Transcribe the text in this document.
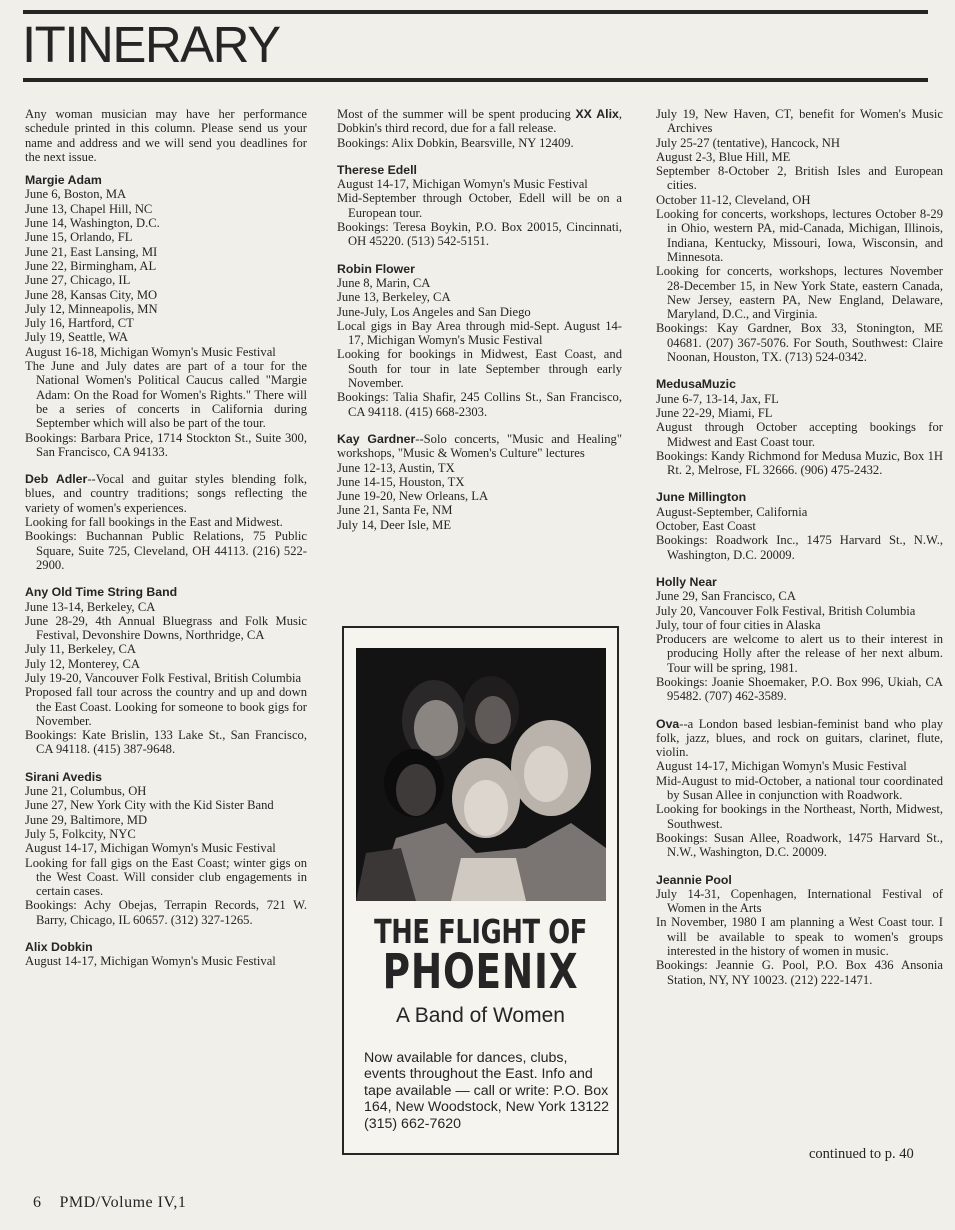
ITINERARY

Any woman musician may have her performance schedule printed in this column. Please send us your name and address and we will send you deadlines for the next issue.

Margie Adam

June 6, Boston, MA

June 13, Chapel Hill, NC

June 14, Washington, D.C.

June 15, Orlando, FL

June 21, East Lansing, MI

June 22, Birmingham, AL

June 27, Chicago, IL

June 28, Kansas City, MO

July 12, Minneapolis, MN

July 16, Hartford, CT

July 19, Seattle, WA

August 16-18, Michigan Womyn's Music Festival

The June and July dates are part of a tour for the National Women's Political Caucus called "Margie Adam: On the Road for Women's Rights." There will be a series of concerts in California during September which will also be part of the tour.

Bookings: Barbara Price, 1714 Stockton St., Suite 300, San Francisco, CA 94133.

Deb Adler--Vocal and guitar styles blending folk, blues, and country traditions; songs reflecting the variety of women's experiences.

Looking for fall bookings in the East and Midwest.

Bookings: Buchannan Public Relations, 75 Public Square, Suite 725, Cleveland, OH 44113. (216) 522-2900.

Any Old Time String Band

June 13-14, Berkeley, CA

June 28-29, 4th Annual Bluegrass and Folk Music Festival, Devonshire Downs, Northridge, CA

July 11, Berkeley, CA

July 12, Monterey, CA

July 19-20, Vancouver Folk Festival, British Columbia

Proposed fall tour across the country and up and down the East Coast. Looking for someone to book gigs for November.

Bookings: Kate Brislin, 133 Lake St., San Francisco, CA 94118. (415) 387-9648.

Sirani Avedis

June 21, Columbus, OH

June 27, New York City with the Kid Sister Band

June 29, Baltimore, MD

July 5, Folkcity, NYC

August 14-17, Michigan Womyn's Music Festival

Looking for fall gigs on the East Coast; winter gigs on the West Coast. Will consider club engagements in certain cases.

Bookings: Achy Obejas, Terrapin Records, 721 W. Barry, Chicago, IL 60657. (312) 327-1265.

Alix Dobkin

August 14-17, Michigan Womyn's Music Festival

Most of the summer will be spent producing XX Alix, Dobkin's third record, due for a fall release.

Bookings: Alix Dobkin, Bearsville, NY 12409.

Therese Edell

August 14-17, Michigan Womyn's Music Festival

Mid-September through October, Edell will be on a European tour.

Bookings: Teresa Boykin, P.O. Box 20015, Cincinnati, OH 45220. (513) 542-5151.

Robin Flower

June 8, Marin, CA

June 13, Berkeley, CA

June-July, Los Angeles and San Diego

Local gigs in Bay Area through mid-Sept. August 14-17, Michigan Womyn's Music Festival

Looking for bookings in Midwest, East Coast, and South for tour in late September through early November.

Bookings: Talia Shafir, 245 Collins St., San Francisco, CA 94118. (415) 668-2303.

Kay Gardner--Solo concerts, "Music and Healing" workshops, "Music & Women's Culture" lectures

June 12-13, Austin, TX

June 14-15, Houston, TX

June 19-20, New Orleans, LA

June 21, Santa Fe, NM

July 14, Deer Isle, ME

July 19, New Haven, CT, benefit for Women's Music Archives

July 25-27 (tentative), Hancock, NH

August 2-3, Blue Hill, ME

September 8-October 2, British Isles and European cities.

October 11-12, Cleveland, OH

Looking for concerts, workshops, lectures October 8-29 in Ohio, western PA, mid-Canada, Michigan, Illinois, Indiana, Kentucky, Missouri, Iowa, Wisconsin, and Minnesota.

Looking for concerts, workshops, lectures November 28-December 15, in New York State, eastern Canada, New Jersey, eastern PA, New England, Delaware, Maryland, D.C., and Virginia.

Bookings: Kay Gardner, Box 33, Stonington, ME 04681. (207) 367-5076. For South, Southwest: Claire Noonan, Houston, TX. (713) 524-0342.

MedusaMuzic

June 6-7, 13-14, Jax, FL

June 22-29, Miami, FL

August through October accepting bookings for Midwest and East Coast tour.

Bookings: Kandy Richmond for Medusa Muzic, Box 1H Rt. 2, Melrose, FL 32666. (906) 475-2432.

June Millington

August-September, California

October, East Coast

Bookings: Roadwork Inc., 1475 Harvard St., N.W., Washington, D.C. 20009.

Holly Near

June 29, San Francisco, CA

July 20, Vancouver Folk Festival, British Columbia

July, tour of four cities in Alaska

Producers are welcome to alert us to their interest in producing Holly after the release of her next album. Tour will be spring, 1981.

Bookings: Joanie Shoemaker, P.O. Box 996, Ukiah, CA 95482. (707) 462-3589.

Ova--a London based lesbian-feminist band who play folk, jazz, blues, and rock on guitars, clarinet, flute, violin.

August 14-17, Michigan Womyn's Music Festival

Mid-August to mid-October, a national tour coordinated by Susan Allee in conjunction with Roadwork.

Looking for bookings in the Northeast, North, Midwest, Southwest.

Bookings: Susan Allee, Roadwork, 1475 Harvard St., N.W., Washington, D.C. 20009.

Jeannie Pool

July 14-31, Copenhagen, International Festival of Women in the Arts

In November, 1980 I am planning a West Coast tour. I will be available to speak to women's groups interested in the history of women in music.

Bookings: Jeannie G. Pool, P.O. Box 436 Ansonia Station, NY, NY 10023. (212) 222-1471.

THE FLIGHT OF

PHOENIX

A Band of Women

Now available for dances, clubs, events throughout the East. Info and tape available — call or write: P.O. Box 164, New Woodstock, New York 13122 (315) 662-7620

continued to p. 40
6    PMD/Volume IV,1
